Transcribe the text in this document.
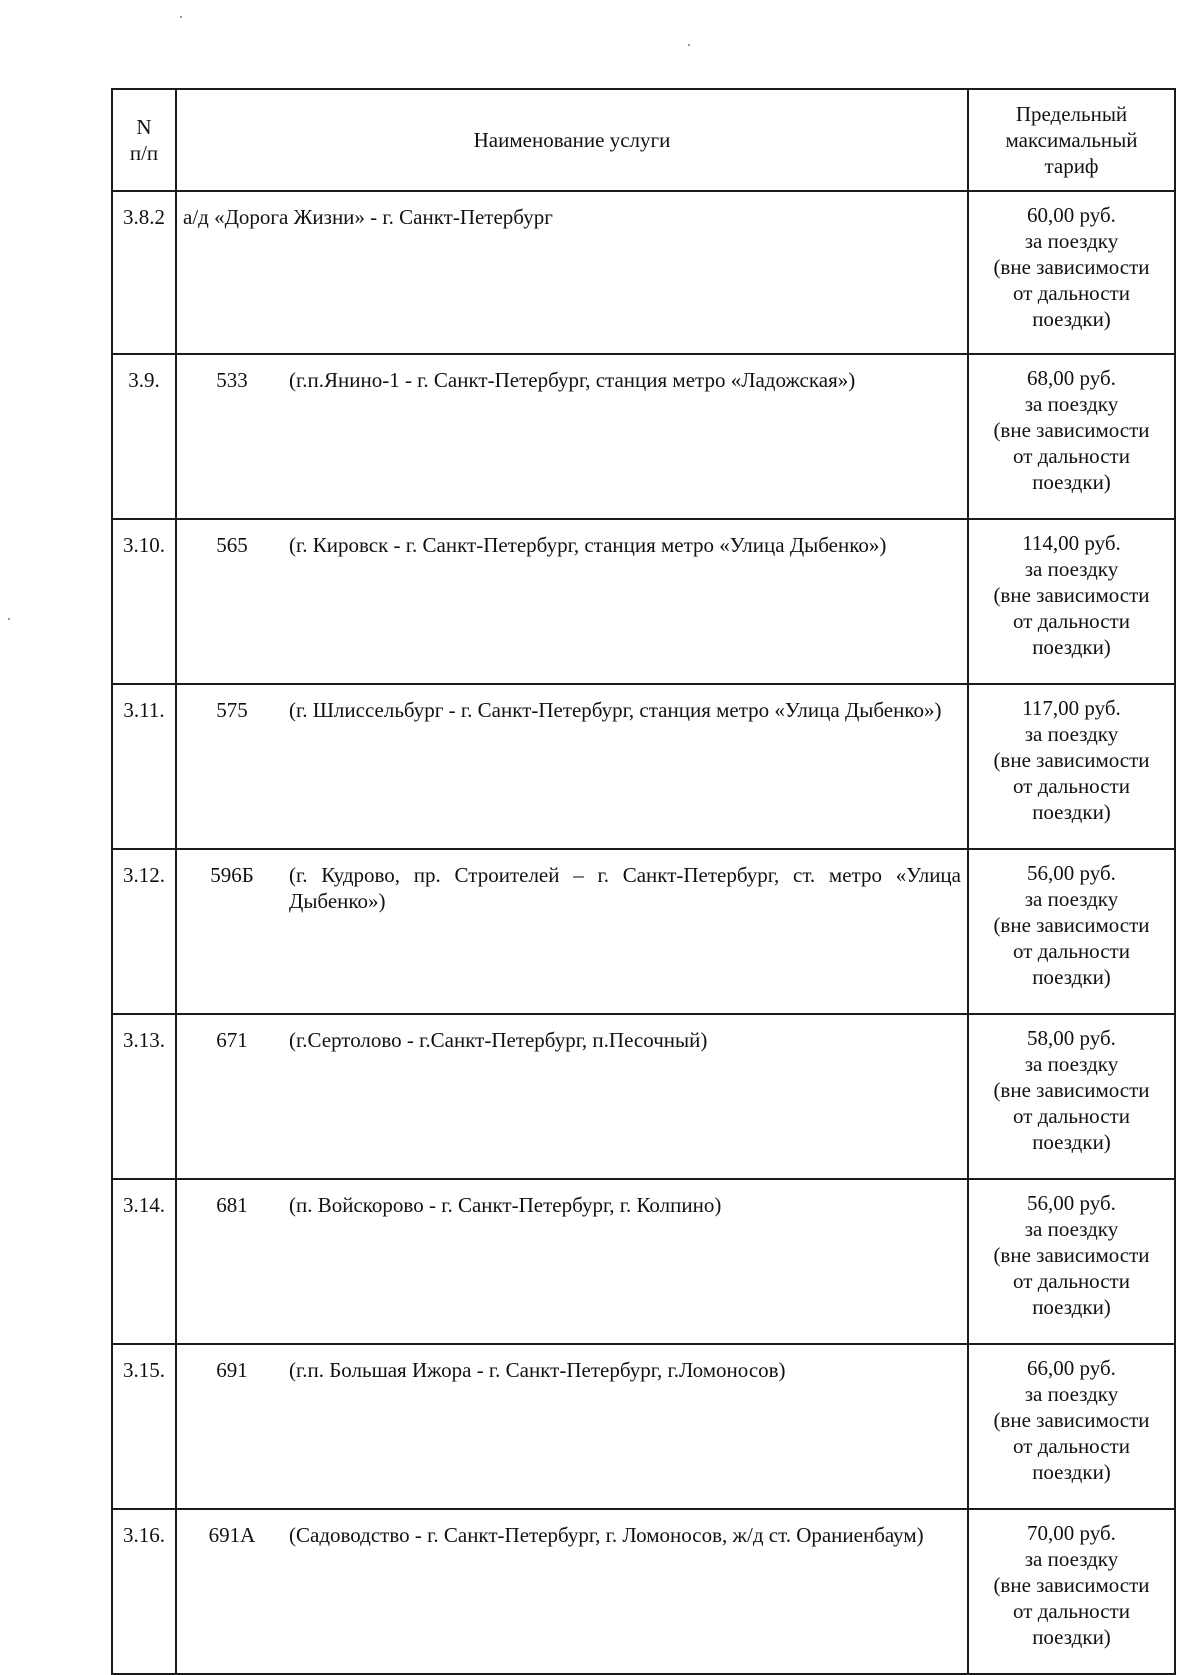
N
п/п	Наименование услуги	Предельный
максимальный
тариф

3.8.2	а/д «Дорога Жизни» - г. Санкт-Петербург	60,00 руб.
за поездку
(вне зависимости
от дальности
поездки)

3.9.	533 (г.п.Янино-1 - г. Санкт-Петербург, станция метро «Ладожская»)	68,00 руб.
за поездку
(вне зависимости
от дальности
поездки)

3.10.	565 (г. Кировск - г. Санкт-Петербург, станция метро «Улица Дыбенко»)	114,00 руб.
за поездку
(вне зависимости
от дальности
поездки)

3.11.	575 (г. Шлиссельбург - г. Санкт-Петербург, станция метро «Улица Дыбенко»)	117,00 руб.
за поездку
(вне зависимости
от дальности
поездки)

3.12.	596Б (г. Кудрово, пр. Строителей – г. Санкт-Петербург, ст. метро «Улица Дыбенко»)	56,00 руб.
за поездку
(вне зависимости
от дальности
поездки)

3.13.	671 (г.Сертолово - г.Санкт-Петербург, п.Песочный)	58,00 руб.
за поездку
(вне зависимости
от дальности
поездки)

3.14.	681 (п. Войскорово - г. Санкт-Петербург, г. Колпино)	56,00 руб.
за поездку
(вне зависимости
от дальности
поездки)

3.15.	691 (г.п. Большая Ижора - г. Санкт-Петербург, г.Ломоносов)	66,00 руб.
за поездку
(вне зависимости
от дальности
поездки)

3.16.	691А (Садоводство - г. Санкт-Петербург, г. Ломоносов, ж/д ст. Ораниенбаум)	70,00 руб.
за поездку
(вне зависимости
от дальности
поездки)
